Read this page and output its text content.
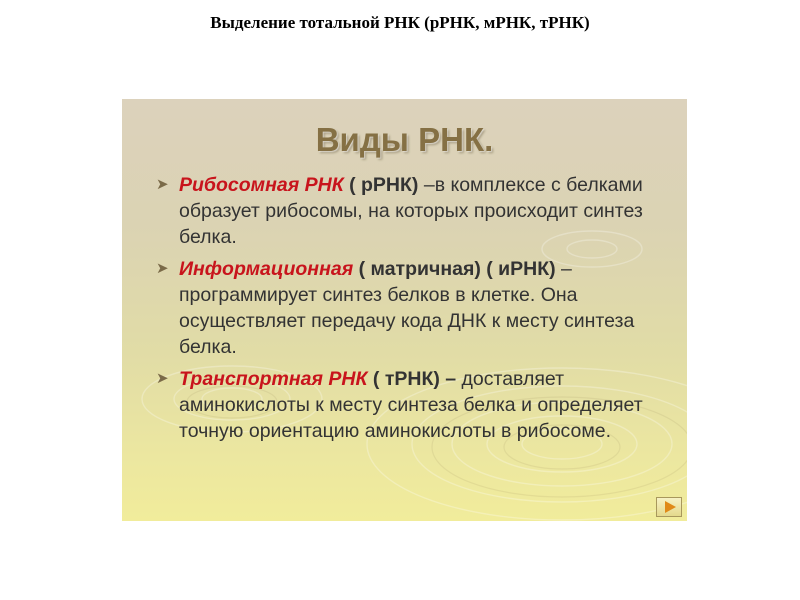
Выделение тотальной РНК (рРНК, мРНК, тРНК)
Виды РНК.
➤ Рибосомная РНК ( рРНК) –в комплексе с белками образует рибосомы, на которых происходит синтез белка.
➤ Информационная ( матричная) ( иРНК) – программирует синтез белков в клетке. Она осуществляет передачу кода ДНК к месту синтеза белка.
➤ Транспортная РНК ( тРНК) – доставляет аминокислоты к месту синтеза белка и определяет точную ориентацию аминокислоты в рибосоме.
